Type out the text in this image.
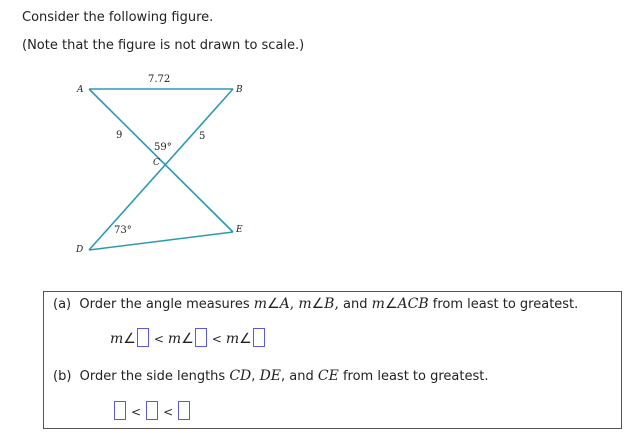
Consider the following figure.
(Note that the figure is not drawn to scale.)
A	B
C
D
E
7.72
9	5
59°
73°
(a) Order the angle measures m∠A, m∠B, and m∠ACB from least to greatest.
m∠ < m∠ < m∠
(b) Order the side lengths CD, DE, and CE from least to greatest.
< <
